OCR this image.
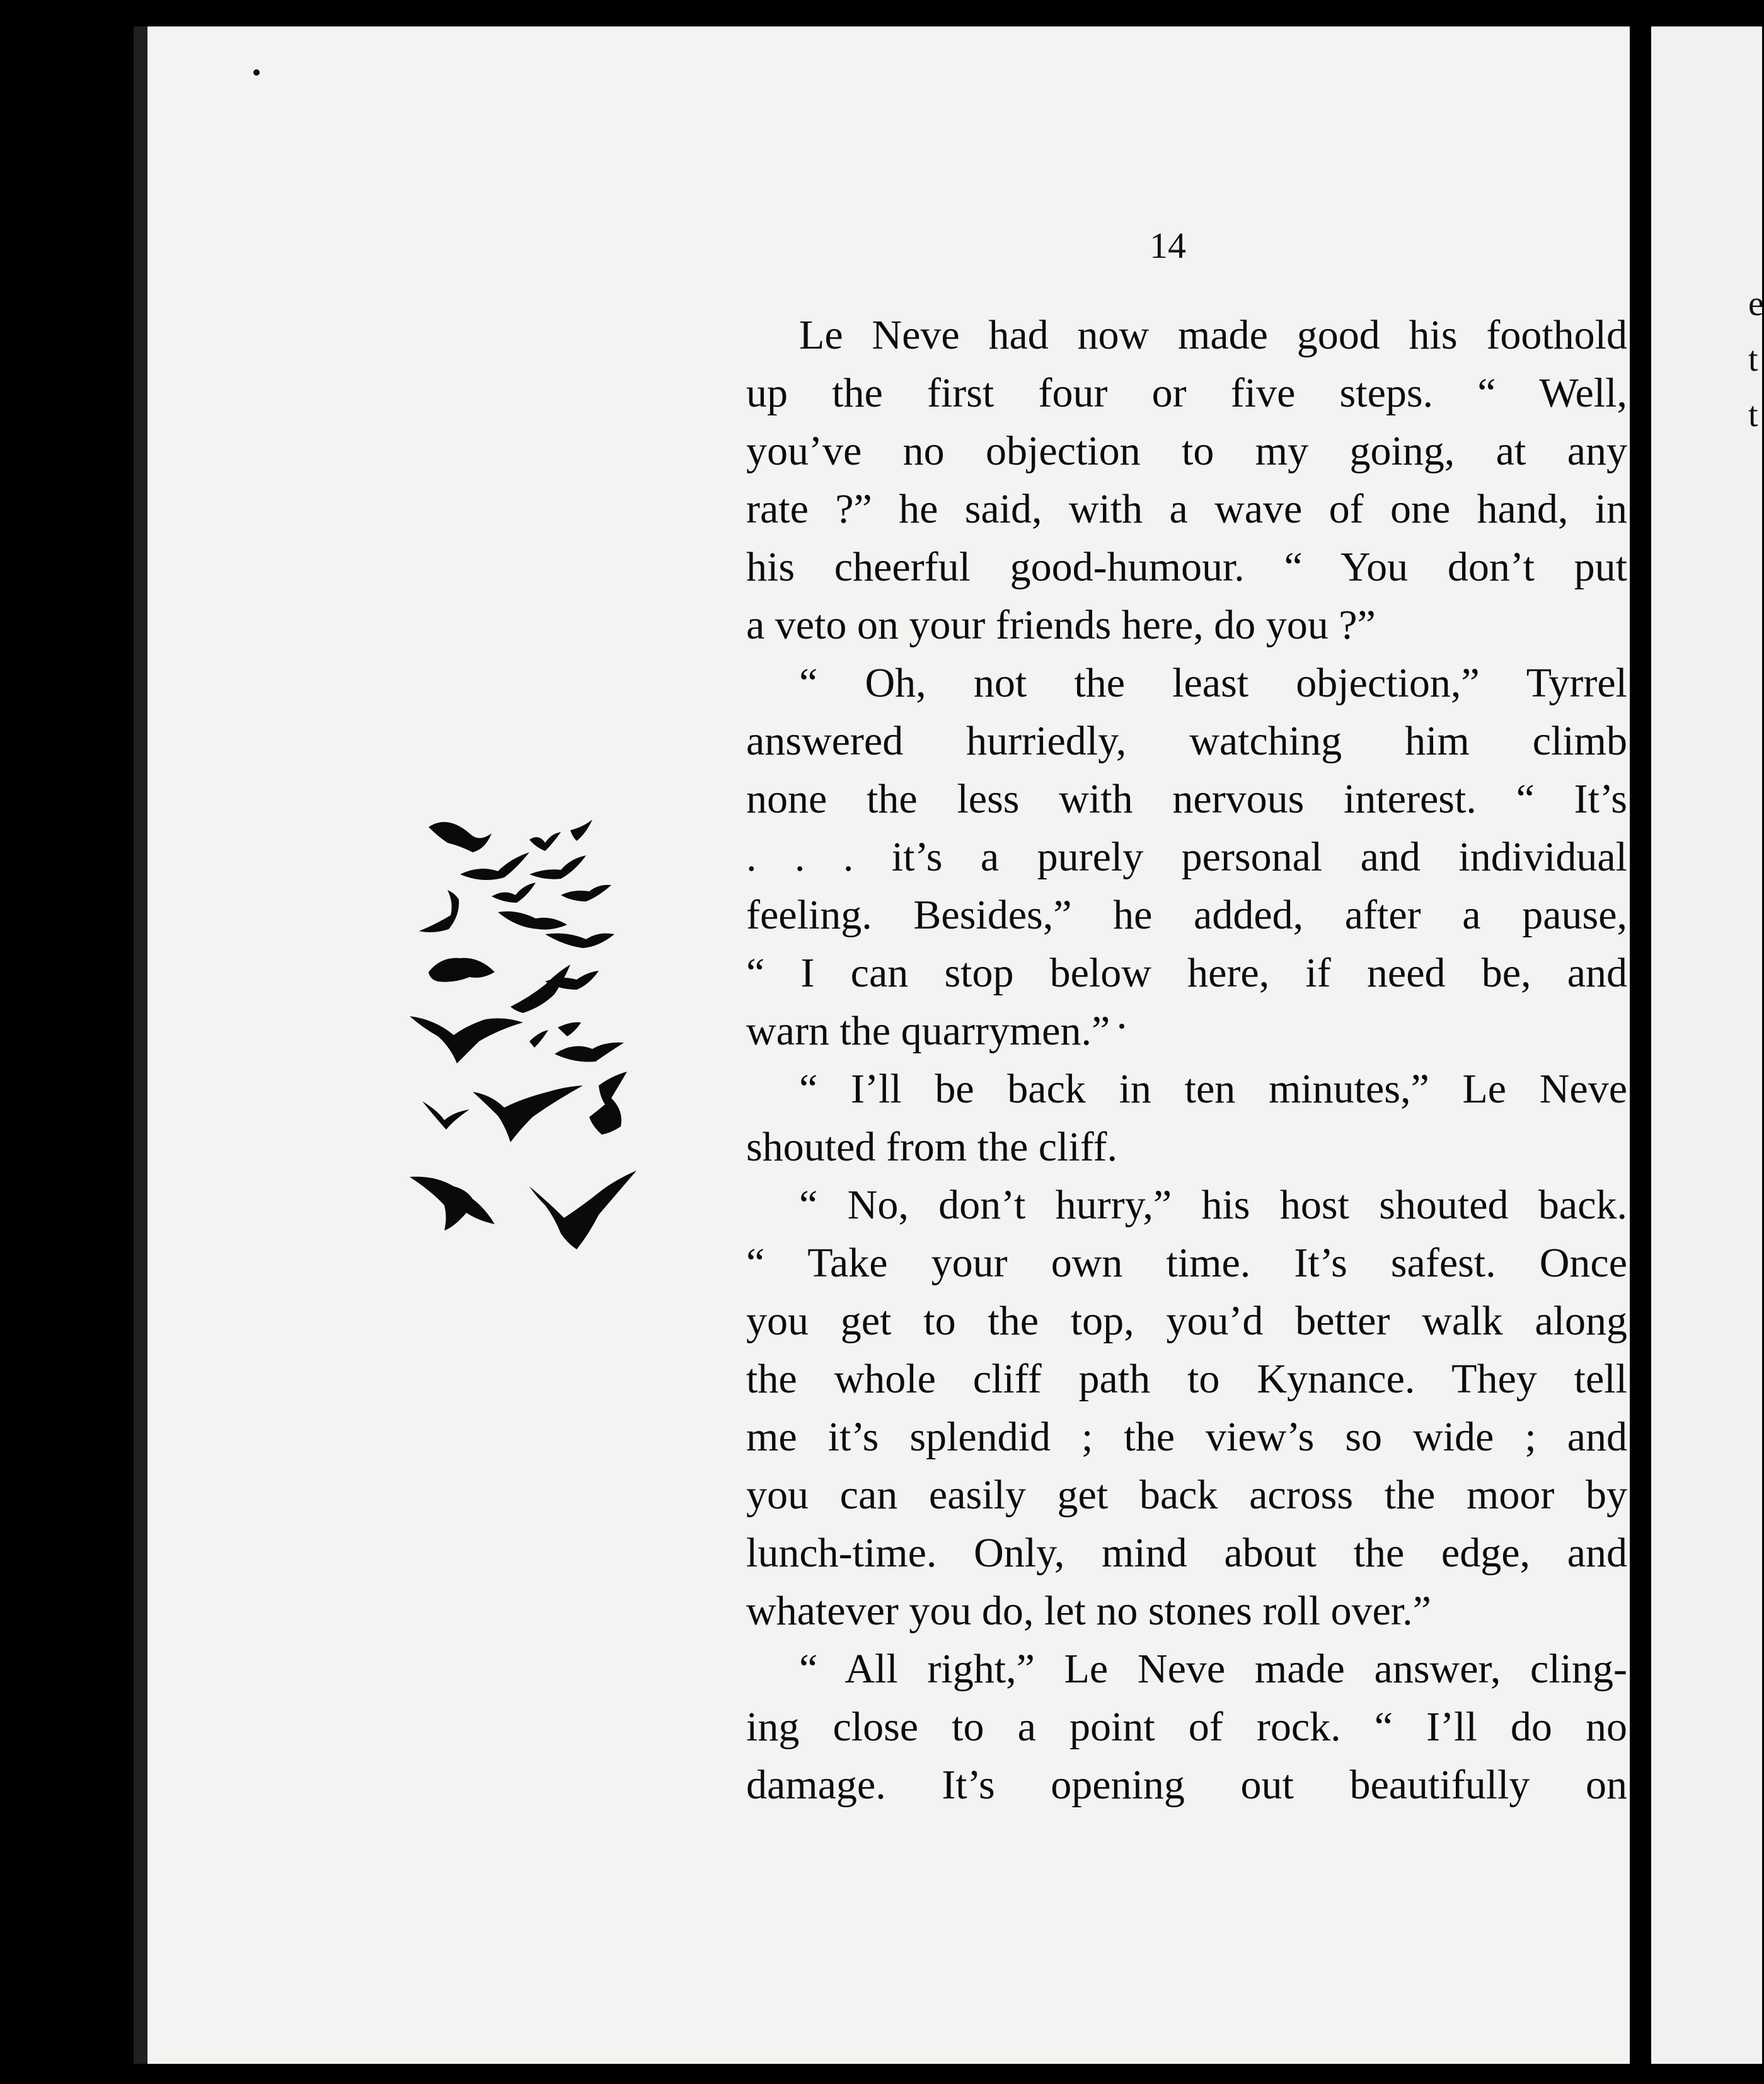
14
Le Neve had now made good his foothold
up the first four or five steps. “ Well,
you’ve no objection to my going, at any
rate ?” he said, with a wave of one hand, in
his cheerful good-humour. “ You don’t put
a veto on your friends here, do you ?”
“ Oh, not the least objection,” Tyrrel
answered hurriedly, watching him climb
none the less with nervous interest. “ It’s
. . . it’s a purely personal and individual
feeling. Besides,” he added, after a pause,
“ I can stop below here, if need be, and
warn the quarrymen.”
“ I’ll be back in ten minutes,” Le Neve
shouted from the cliff.
“ No, don’t hurry,” his host shouted back.
“ Take your own time. It’s safest. Once
you get to the top, you’d better walk along
the whole cliff path to Kynance. They tell
me it’s splendid ; the view’s so wide ; and
you can easily get back across the moor by
lunch-time. Only, mind about the edge, and
whatever you do, let no stones roll over.”
“ All right,” Le Neve made answer, cling-
ing close to a point of rock. “ I’ll do no
damage. It’s opening out beautifully on
e
t
t
